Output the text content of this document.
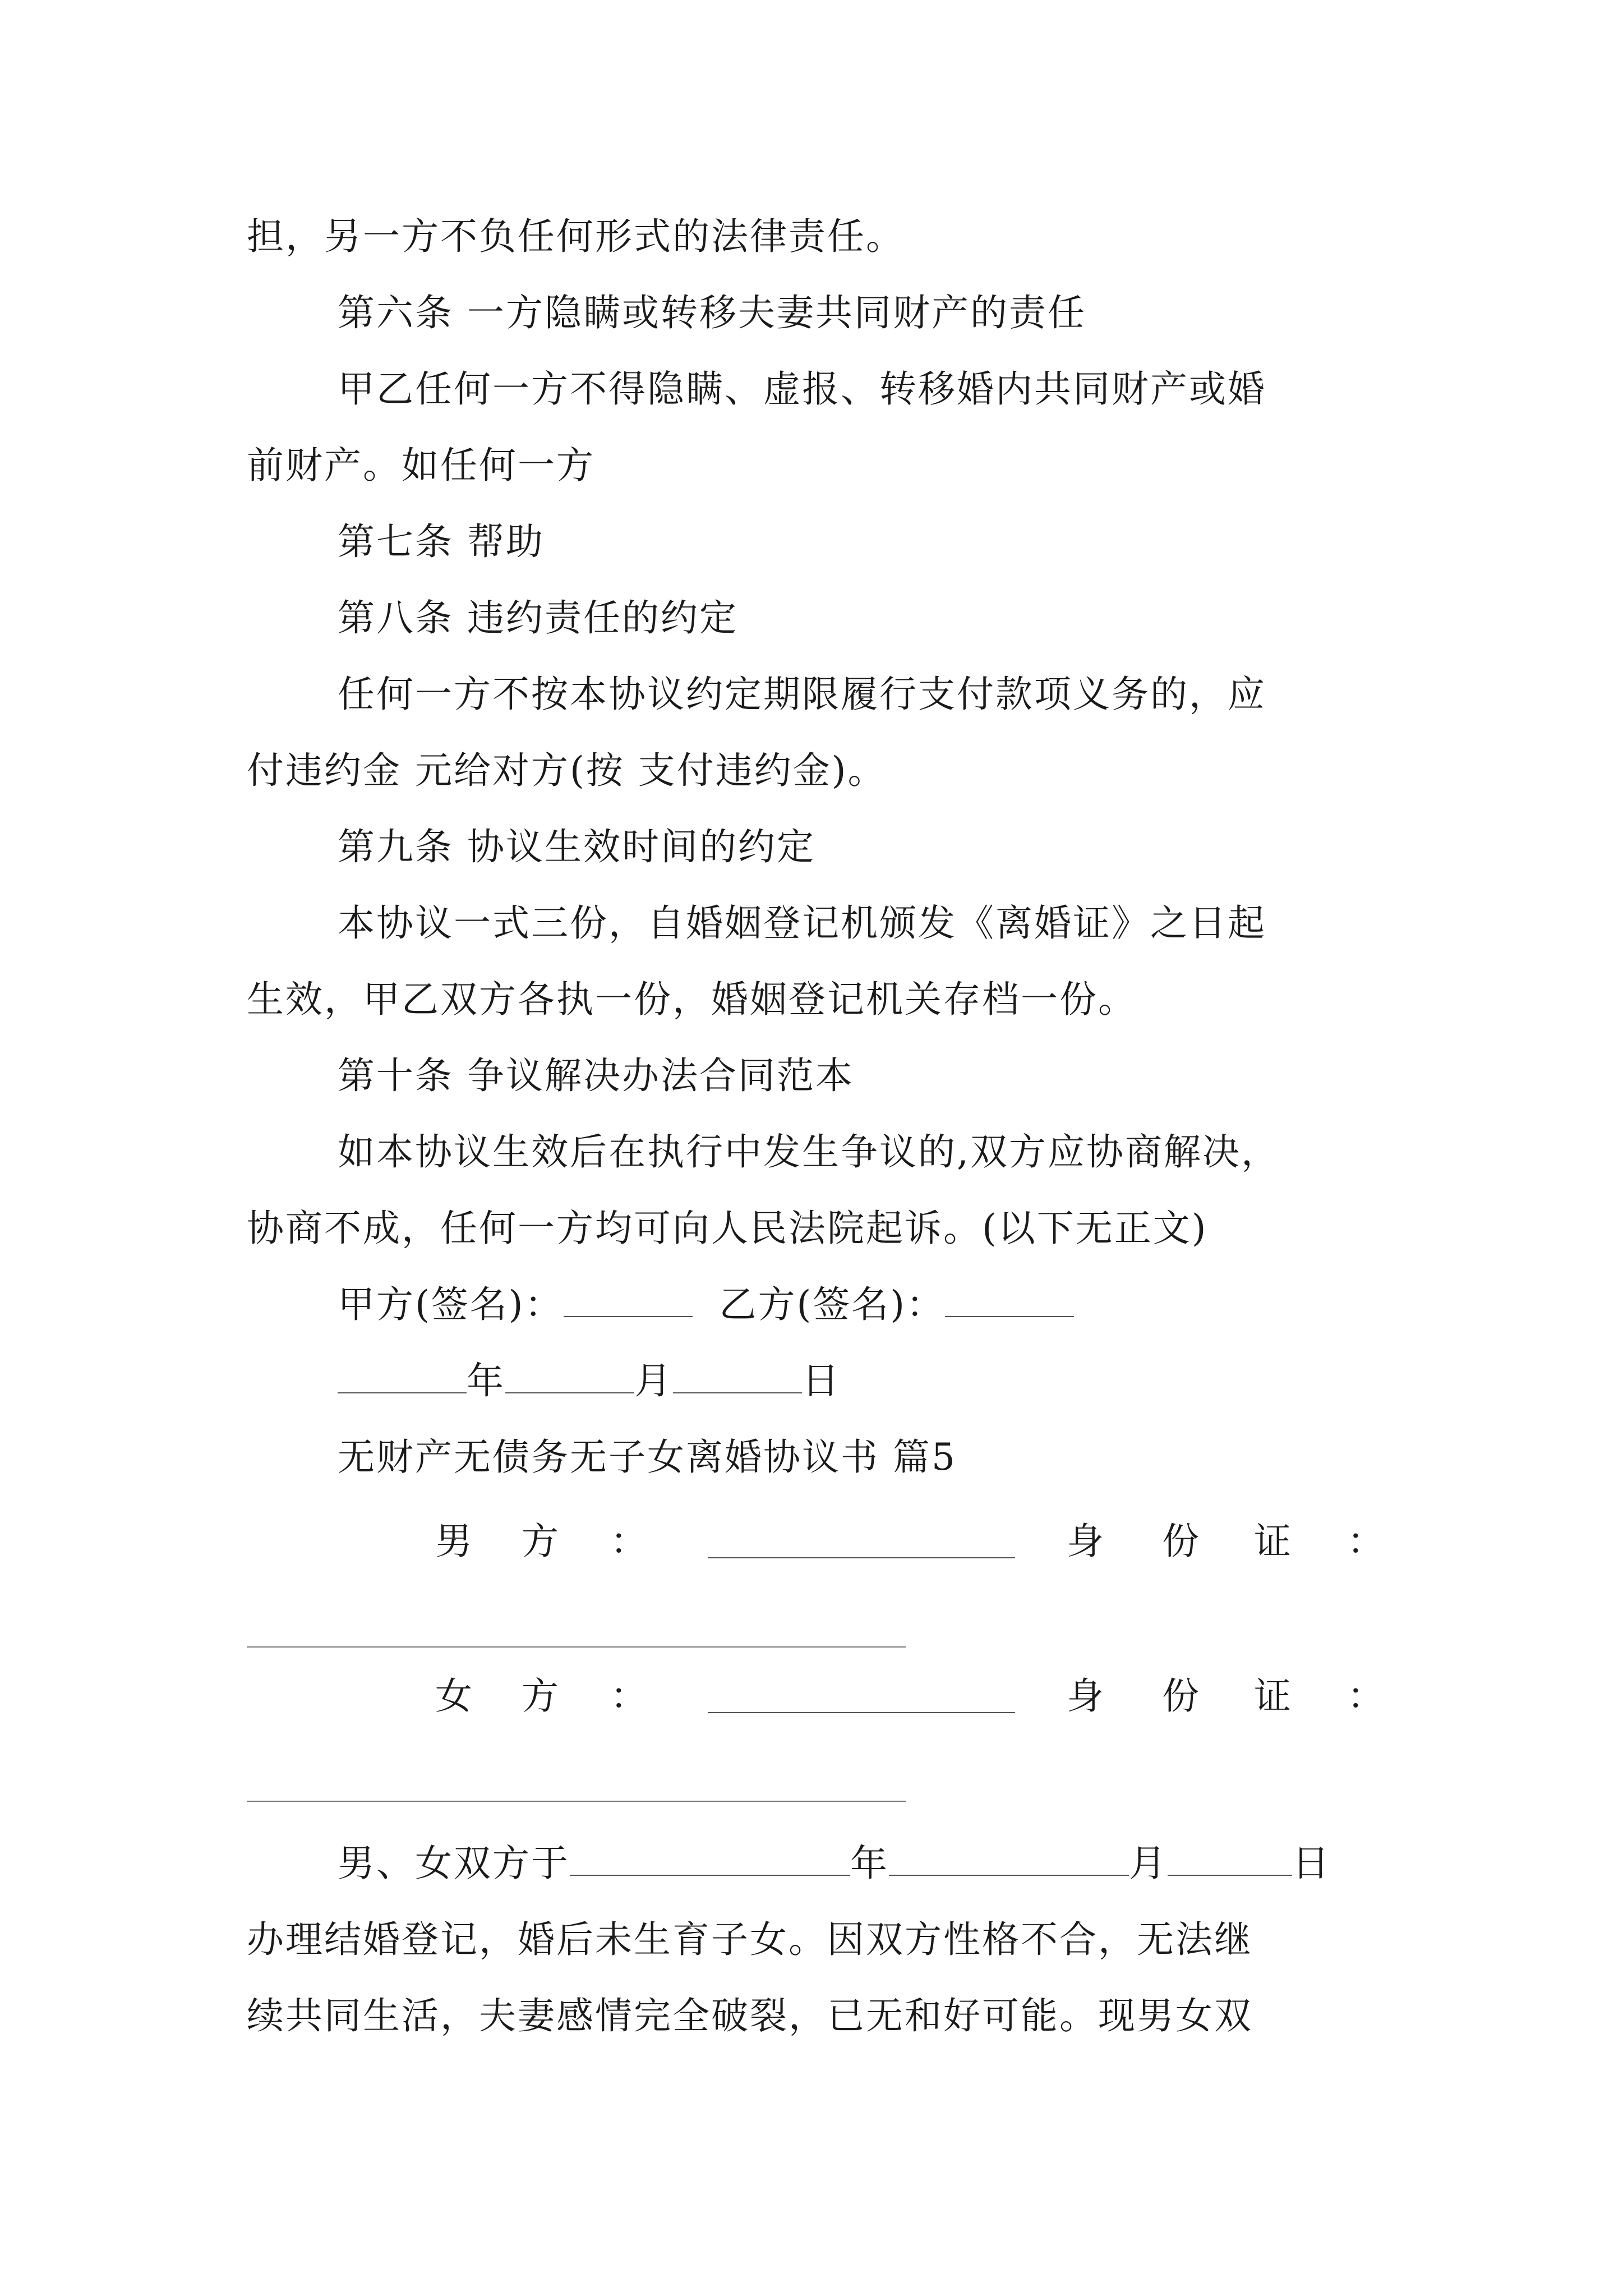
担，另一方不负任何形式的法律责任。
第六条 一方隐瞒或转移夫妻共同财产的责任
甲乙任何一方不得隐瞒、虚报、转移婚内共同财产或婚
前财产。如任何一方
第七条 帮助
第八条 违约责任的约定
任何一方不按本协议约定期限履行支付款项义务的，应
付违约金 元给对方(按 支付违约金)。
第九条 协议生效时间的约定
本协议一式三份，自婚姻登记机颁发《离婚证》之日起
生效，甲乙双方各执一份，婚姻登记机关存档一份。
第十条 争议解决办法合同范本
如本协议生效后在执行中发生争议的,双方应协商解决，
协商不成，任何一方均可向人民法院起诉。(以下无正文)
甲方(签名)：	乙方(签名)：
年	月	日
无财产无债务无子女离婚协议书 篇5
男 方 ：	身 份 证 ：
女 方 ：	身 份 证 ：
男、女双方于	年	月	日
办理结婚登记，婚后未生育子女。因双方性格不合，无法继
续共同生活，夫妻感情完全破裂，已无和好可能。现男女双
